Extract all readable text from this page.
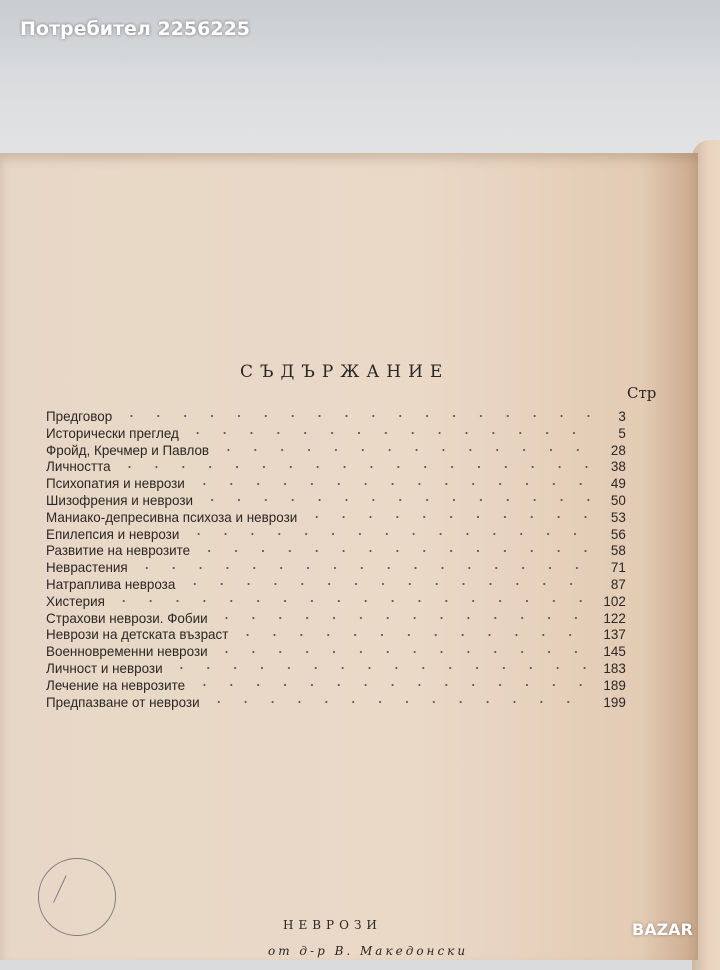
Потребител 2256225
СЪДЪРЖАНИЕ
Стр
Предговор	3
Исторически преглед	5
Фройд, Кречмер и Павлов	28
Личността	38
Психопатия и неврози	49
Шизофрения и неврози	50
Маниако-депресивна психоза и неврози	53
Епилепсия и неврози	56
Развитие на неврозите	58
Неврастения	71
Натраплива невроза	87
Хистерия	102
Страхови неврози. Фобии	122
Неврози на детската възраст	137
Военновременни неврози	145
Личност и неврози	183
Лечение на неврозите	189
Предпазване от неврози	199
НЕВРОЗИ
от д-р В. Македонски
BAZAR
